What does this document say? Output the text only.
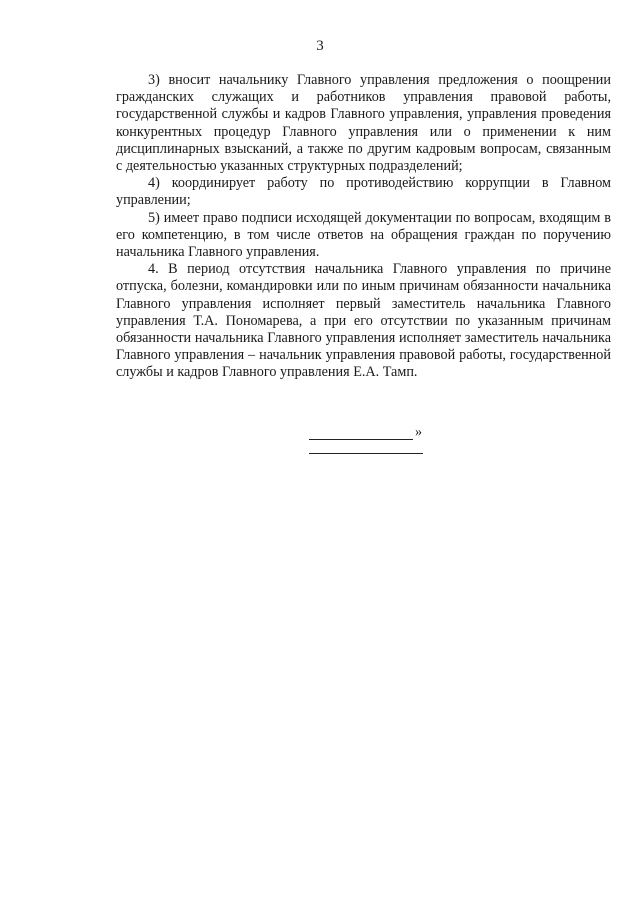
3

3) вносит начальнику Главного управления предложения о поощрении гражданских служащих и работников управления правовой работы, государственной службы и кадров Главного управления, управления проведения конкурентных процедур Главного управления или о применении к ним дисциплинарных взысканий, а также по другим кадровым вопросам, связанным с деятельностью указанных структурных подразделений;

4) координирует работу по противодействию коррупции в Главном управлении;

5) имеет право подписи исходящей документации по вопросам, входящим в его компетенцию, в том числе ответов на обращения граждан по поручению начальника Главного управления.

4. В период отсутствия начальника Главного управления по причине отпуска, болезни, командировки или по иным причинам обязанности начальника Главного управления исполняет первый заместитель начальника Главного управления Т.А. Пономарева, а при его отсутствии по указанным причинам обязанности начальника Главного управления исполняет заместитель начальника Главного управления – начальник управления правовой работы, государственной службы и кадров Главного управления Е.А. Тамп.

»
